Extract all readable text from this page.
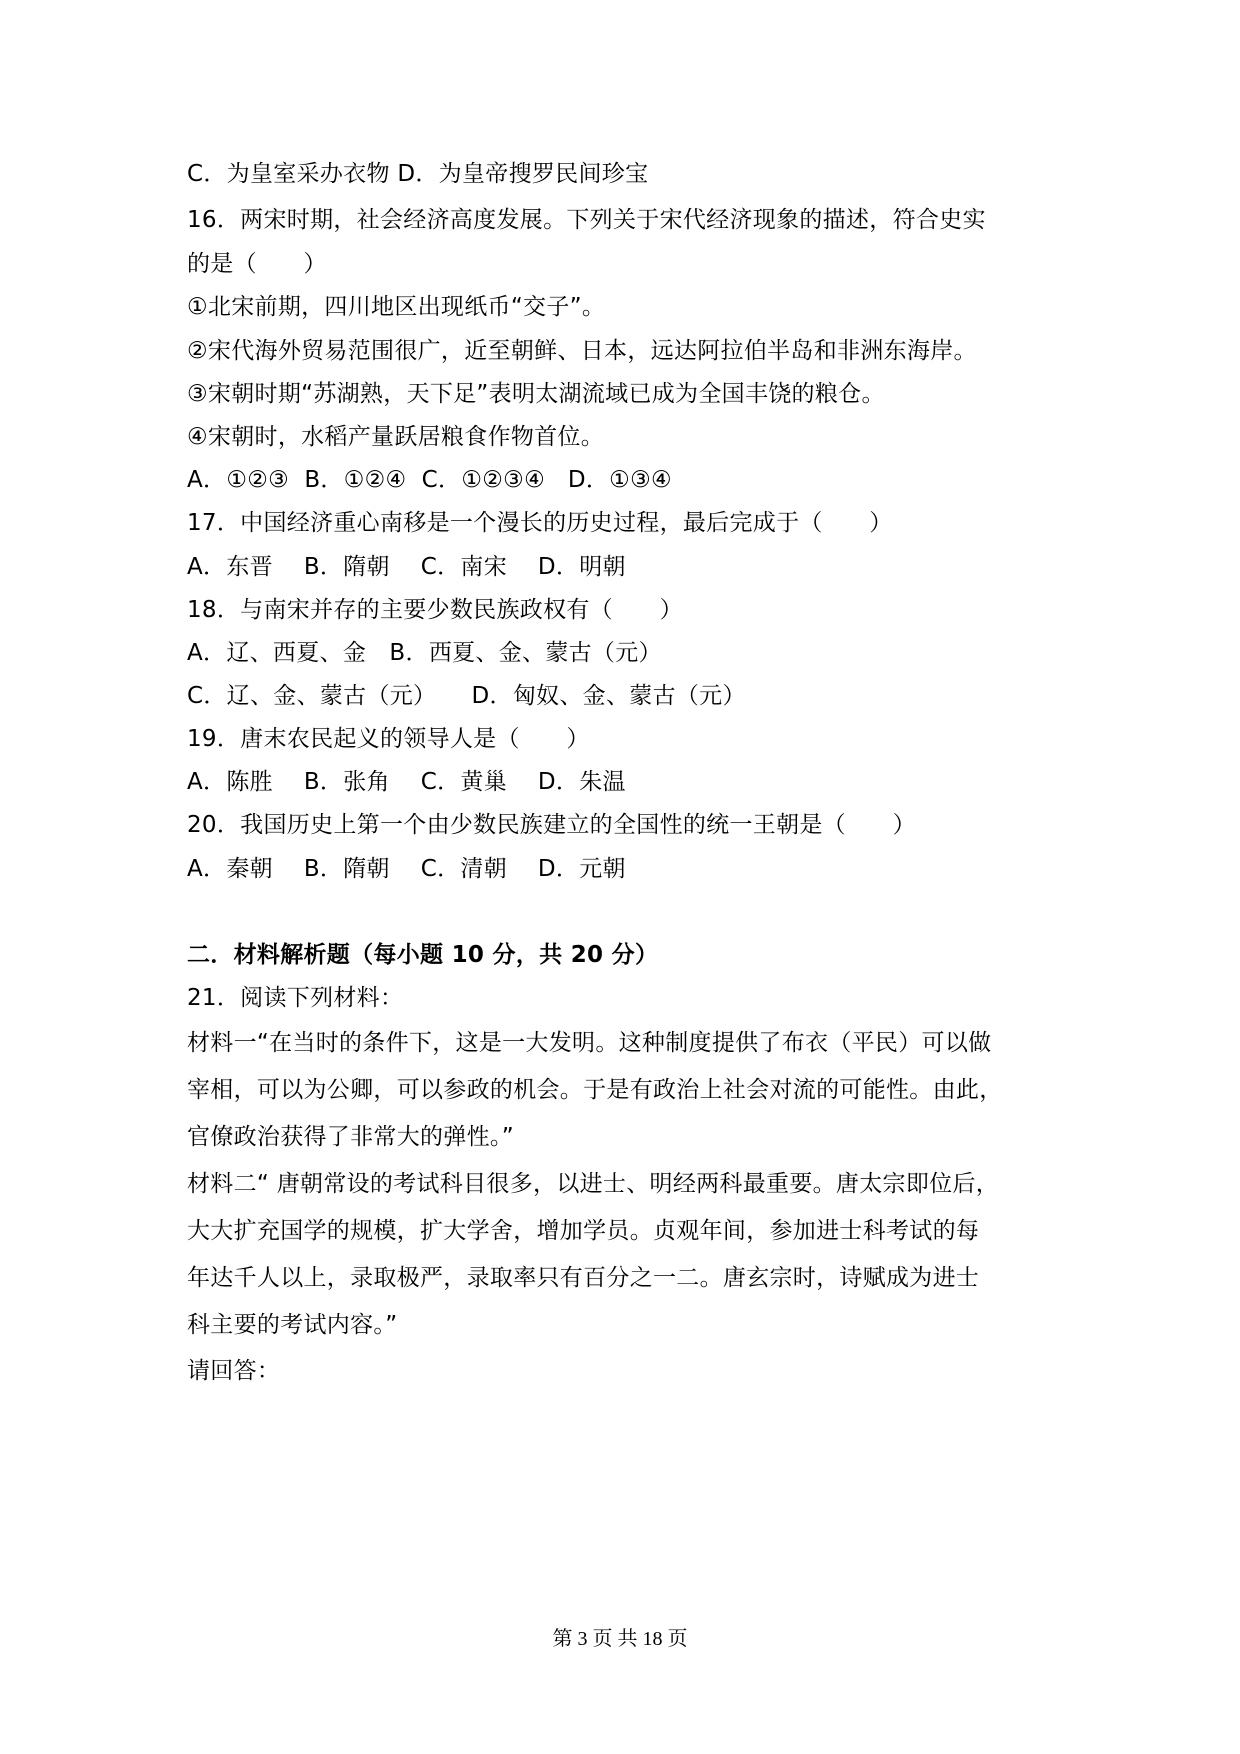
C．为皇室采办衣物 D．为皇帝搜罗民间珍宝
16．两宋时期，社会经济高度发展。下列关于宋代经济现象的描述，符合史实
的是（　　）
①北宋前期，四川地区出现纸币“交子”。
②宋代海外贸易范围很广，近至朝鲜、日本，远达阿拉伯半岛和非洲东海岸。
③宋朝时期“苏湖熟，天下足”表明太湖流域已成为全国丰饶的粮仓。
④宋朝时，水稻产量跃居粮食作物首位。
A．①②③  B．①②④  C．①②③④   D．①③④
17．中国经济重心南移是一个漫长的历史过程，最后完成于（　　）
A．东晋　 B．隋朝　 C．南宋　 D．明朝
18．与南宋并存的主要少数民族政权有（　　）
A．辽、西夏、金　B．西夏、金、蒙古（元）
C．辽、金、蒙古（元）　　D．匈奴、金、蒙古（元）
19．唐末农民起义的领导人是（　　）
A．陈胜　 B．张角　 C．黄巢　 D．朱温
20．我国历史上第一个由少数民族建立的全国性的统一王朝是（　　）
A．秦朝　 B．隋朝　 C．清朝　 D．元朝
二．材料解析题（每小题 10 分，共 20 分）
21．阅读下列材料：
材料一“在当时的条件下，这是一大发明。这种制度提供了布衣（平民）可以做
宰相，可以为公卿，可以参政的机会。于是有政治上社会对流的可能性。由此，
官僚政治获得了非常大的弹性。”
材料二“ 唐朝常设的考试科目很多，以进士、明经两科最重要。唐太宗即位后，
大大扩充国学的规模，扩大学舍，增加学员。贞观年间，参加进士科考试的每
年达千人以上，录取极严，录取率只有百分之一二。唐玄宗时，诗赋成为进士
科主要的考试内容。”
请回答：
第 3 页 共 18 页
